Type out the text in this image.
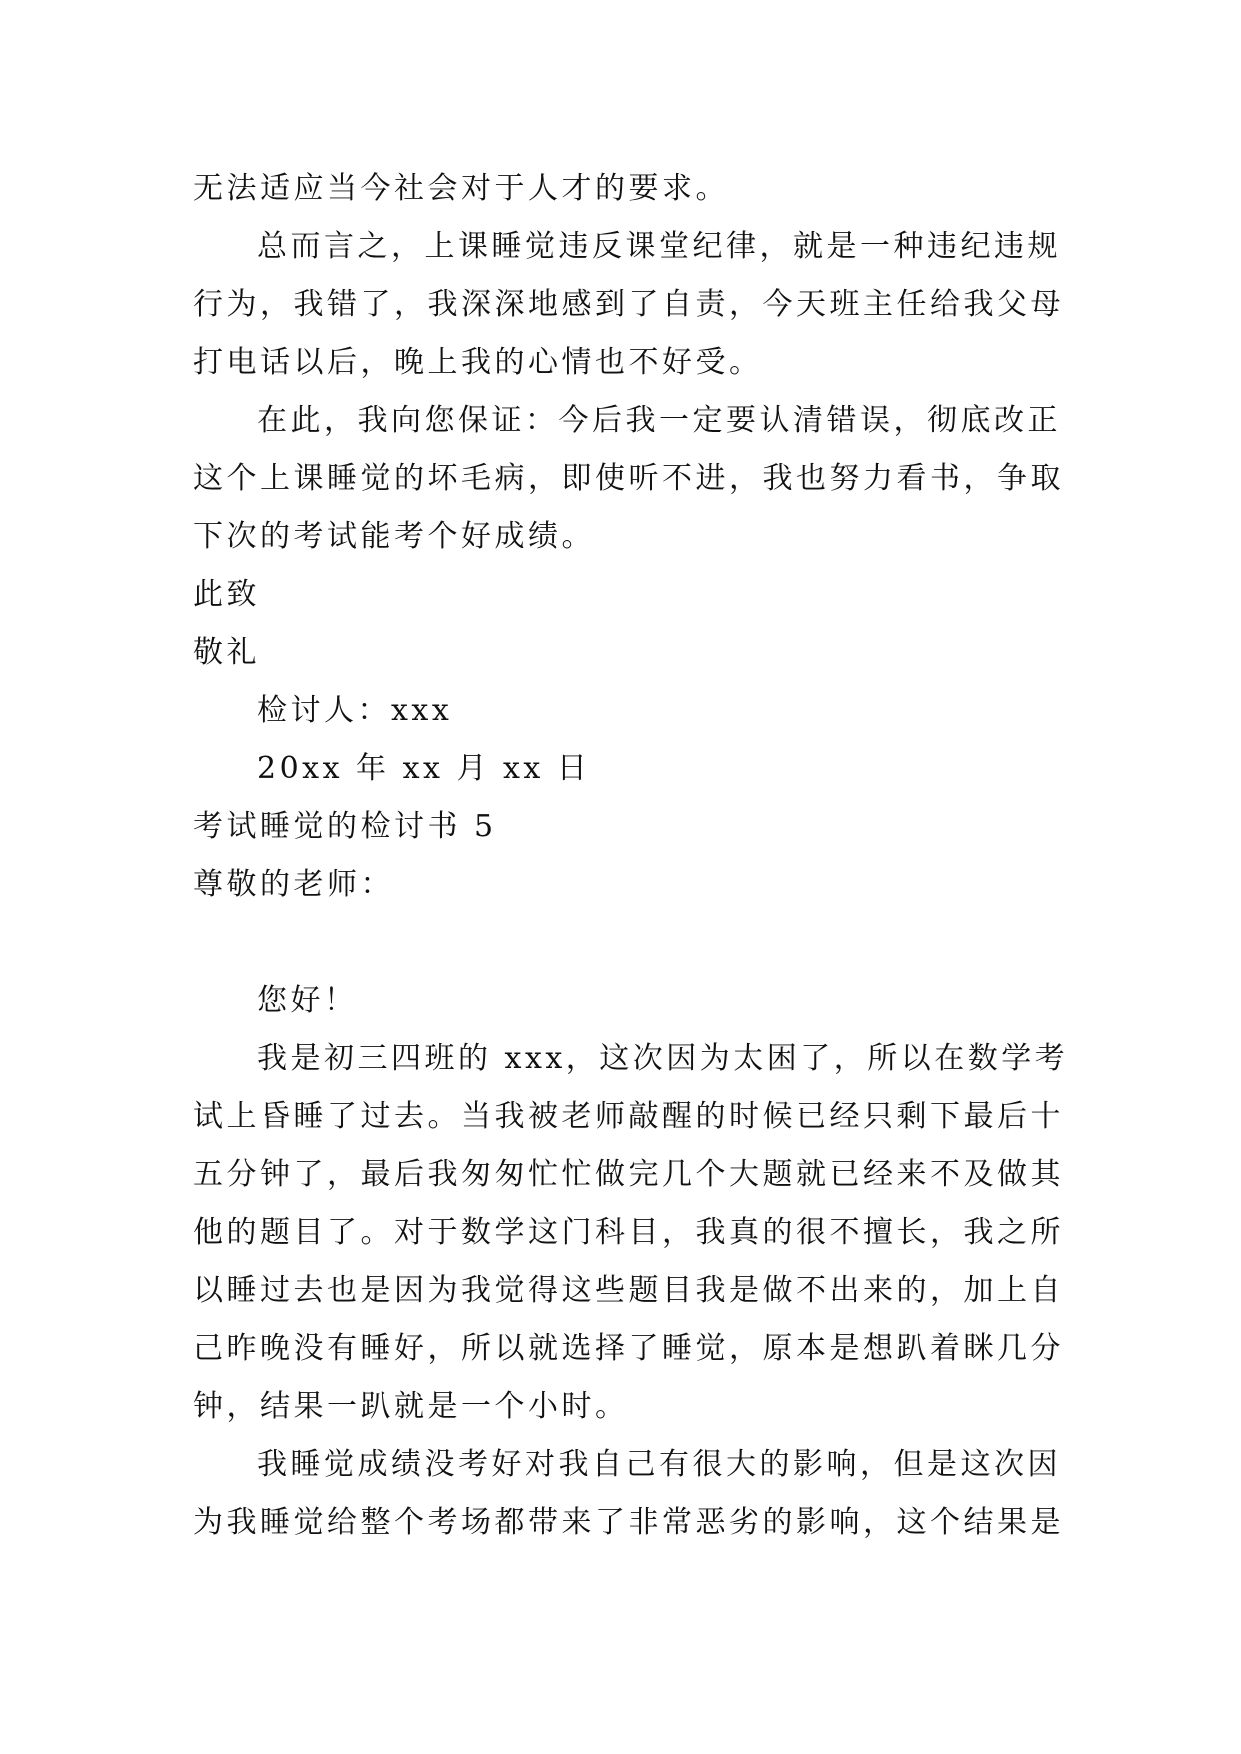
无法适应当今社会对于人才的要求。
总而言之，上课睡觉违反课堂纪律，就是一种违纪违规
行为，我错了，我深深地感到了自责，今天班主任给我父母
打电话以后，晚上我的心情也不好受。
在此，我向您保证：今后我一定要认清错误，彻底改正
这个上课睡觉的坏毛病，即使听不进，我也努力看书，争取
下次的考试能考个好成绩。
此致
敬礼
检讨人：xxx
20xx 年 xx 月 xx 日
考试睡觉的检讨书 5
尊敬的老师：
您好！
我是初三四班的 xxx，这次因为太困了，所以在数学考
试上昏睡了过去。当我被老师敲醒的时候已经只剩下最后十
五分钟了，最后我匆匆忙忙做完几个大题就已经来不及做其
他的题目了。对于数学这门科目，我真的很不擅长，我之所
以睡过去也是因为我觉得这些题目我是做不出来的，加上自
己昨晚没有睡好，所以就选择了睡觉，原本是想趴着眯几分
钟，结果一趴就是一个小时。
我睡觉成绩没考好对我自己有很大的影响，但是这次因
为我睡觉给整个考场都带来了非常恶劣的影响，这个结果是
